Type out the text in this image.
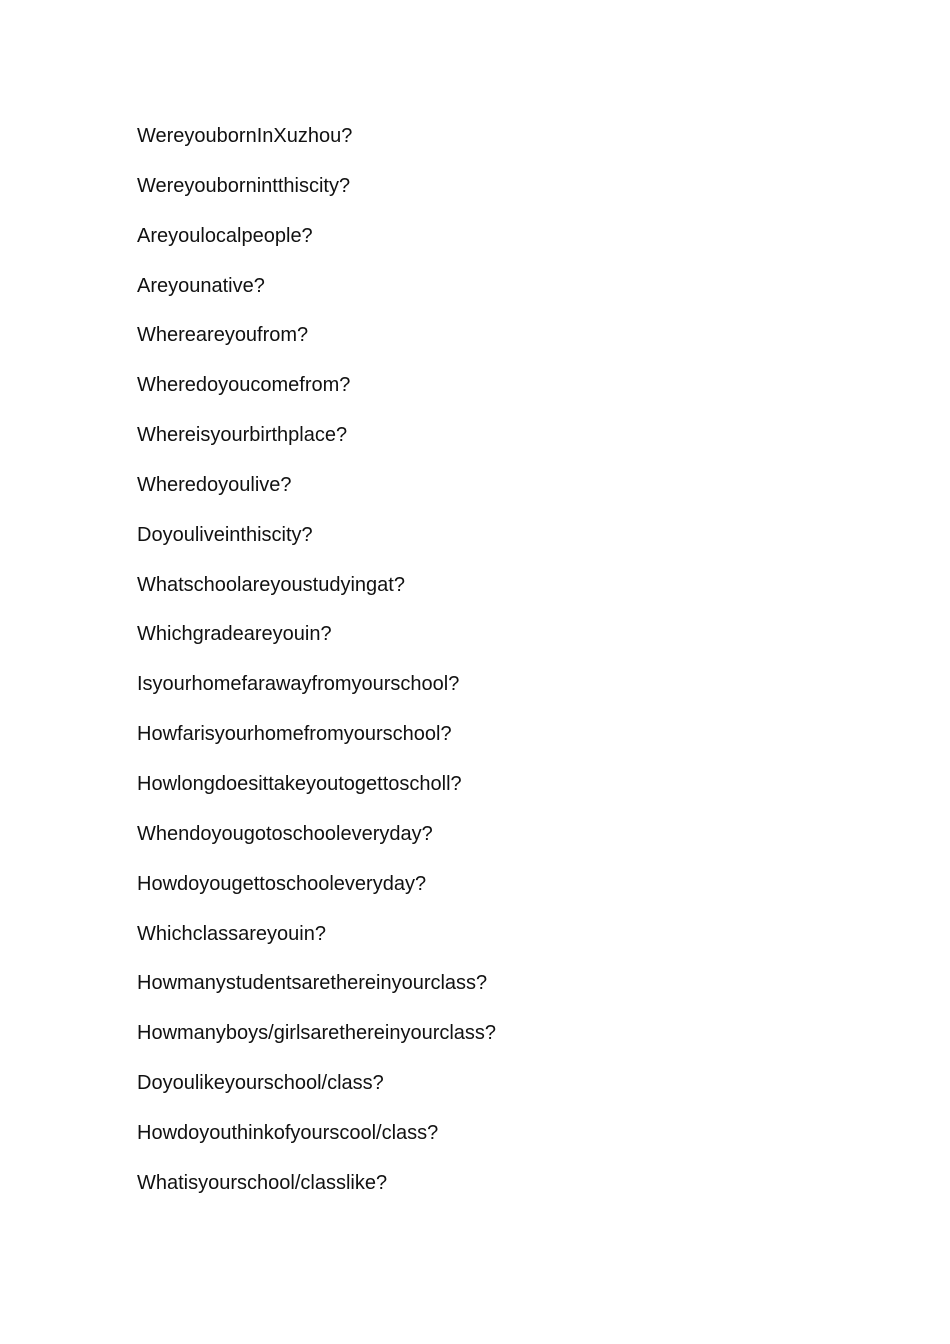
WereyoubornInXuzhou?
Wereyoubornintthiscity?
Areyoulocalpeople?
Areyounative?
Whereareyoufrom?
Wheredoyoucomefrom?
Whereisyourbirthplace?
Wheredoyoulive?
Doyouliveinthiscity?
Whatschoolareyoustudyingat?
Whichgradeareyouin?
Isyourhomefarawayfromyourschool?
Howfarisyourhomefromyourschool?
Howlongdoesittakeyoutogettoscholl?
Whendoyougotoschooleveryday?
Howdoyougettoschooleveryday?
Whichclassareyouin?
Howmanystudentsarethereinyourclass?
Howmanyboys/girlsarethereinyourclass?
Doyoulikeyourschool/class?
Howdoyouthinkofyourscool/class?
Whatisyourschool/classlike?
